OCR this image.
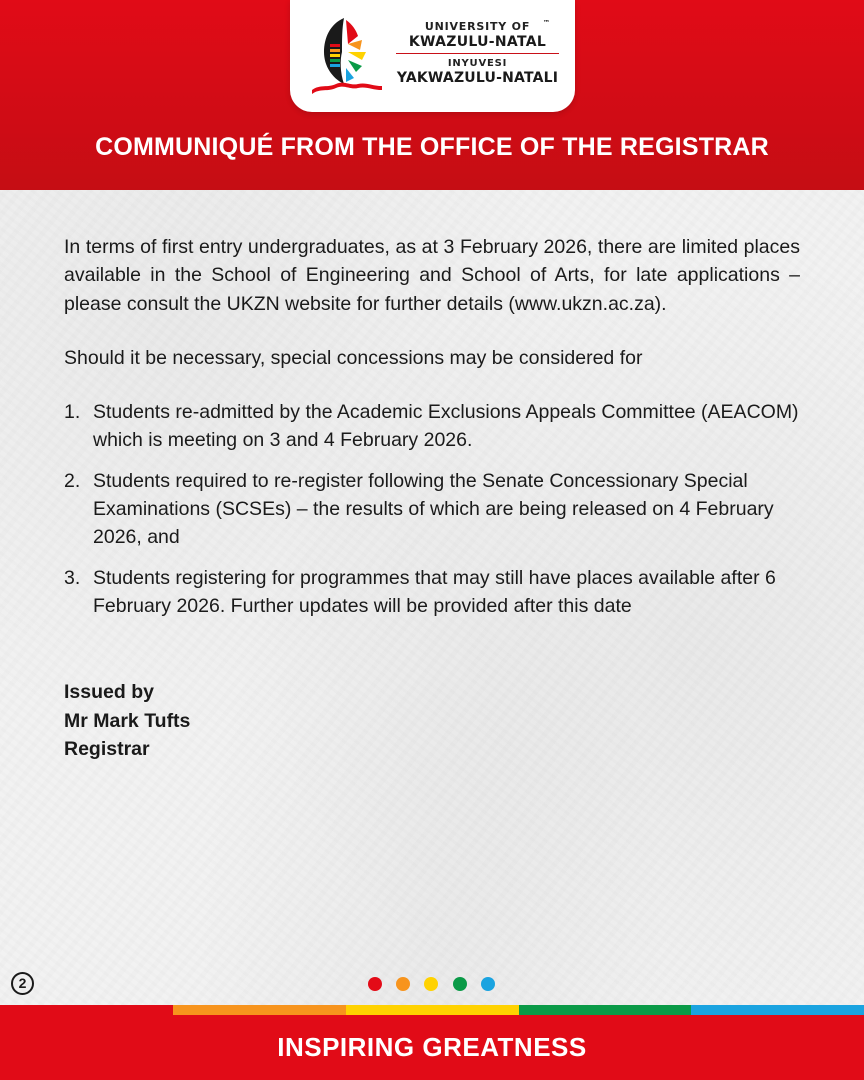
UNIVERSITY OF
KWAZULU-NATAL
INYUVESI
YAKWAZULU-NATALI
™
COMMUNIQUÉ FROM THE OFFICE OF THE REGISTRAR

In terms of first entry undergraduates, as at 3 February 2026, there are limited places available in the School of Engineering and School of Arts, for late applications – please consult the UKZN website for further details (www.ukzn.ac.za).

Should it be necessary, special concessions may be considered for

1. Students re-admitted by the Academic Exclusions Appeals Committee (AEACOM) which is meeting on 3 and 4 February 2026.
2. Students required to re-register following the Senate Concessionary Special Examinations (SCSEs) – the results of which are being released on 4 February 2026, and
3. Students registering for programmes that may still have places available after 6 February 2026. Further updates will be provided after this date
Issued by
Mr Mark Tufts
Registrar
2
INSPIRING GREATNESS
